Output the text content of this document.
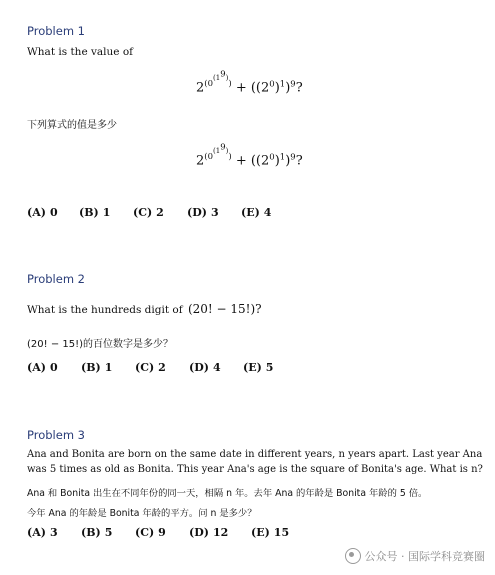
Problem 1
What is the value of
$2^{(0^{(1^9)})} + ((2^0)^1)^9$?
下列算式的值是多少
$2^{(0^{(1^9)})} + ((2^0)^1)^9$?
(A) 0	(B) 1	(C) 2	(D) 3	(E) 4
Problem 2
What is the hundreds digit of (20! − 15!)?
(20! − 15!)的百位数字是多少？
(A) 0	(B) 1	(C) 2	(D) 4	(E) 5
Problem 3
Ana and Bonita are born on the same date in different years, n years apart. Last year Ana
was 5 times as old as Bonita. This year Ana's age is the square of Bonita's age. What is n?
Ana 和 Bonita 出生在不同年份的同一天，相隔 n 年。去年 Ana 的年龄是 Bonita 年龄的 5 倍。
今年 Ana 的年龄是 Bonita 年龄的平方。问 n 是多少？
(A) 3	(B) 5	(C) 9	(D) 12	(E) 15
公众号 · 国际学科竞赛圈
